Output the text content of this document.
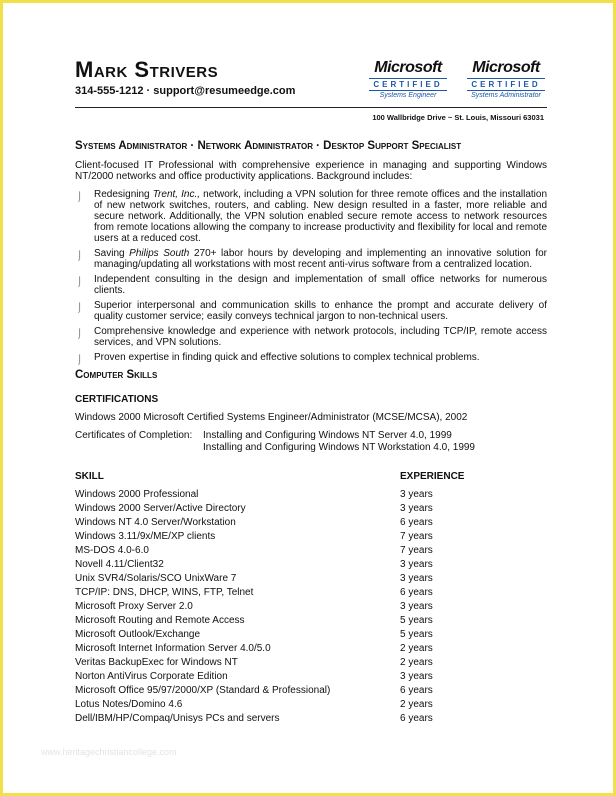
Mark Strivers
314-555-1212 · support@resumeedge.com
Microsoft
CERTIFIED
Systems Engineer
Microsoft
CERTIFIED
Systems Administrator
100 Wallbridge Drive ~ St. Louis, Missouri 63031
Systems Administrator · Network Administrator · Desktop Support Specialist
Client-focused IT Professional with comprehensive experience in managing and supporting Windows NT/2000 networks and office productivity applications. Background includes:
⌡ Redesigning Trent, Inc., network, including a VPN solution for three remote offices and the installation of new network switches, routers, and cabling. New design resulted in a faster, more reliable and secure network. Additionally, the VPN solution enabled secure remote access to network resources from remote locations allowing the company to increase productivity and flexibility for local and remote users at a reduced cost.
⌡ Saving Philips South 270+ labor hours by developing and implementing an innovative solution for managing/updating all workstations with most recent anti-virus software from a centralized location.
⌡ Independent consulting in the design and implementation of small office networks for numerous clients.
⌡ Superior interpersonal and communication skills to enhance the prompt and accurate delivery of quality customer service; easily conveys technical jargon to non-technical users.
⌡ Comprehensive knowledge and experience with network protocols, including TCP/IP, remote access services, and VPN solutions.
⌡ Proven expertise in finding quick and effective solutions to complex technical problems.
Computer Skills
CERTIFICATIONS
Windows 2000 Microsoft Certified Systems Engineer/Administrator (MCSE/MCSA), 2002
Certificates of Completion: Installing and Configuring Windows NT Server 4.0, 1999
Installing and Configuring Windows NT Workstation 4.0, 1999
SKILL	EXPERIENCE
Windows 2000 Professional	3 years
Windows 2000 Server/Active Directory	3 years
Windows NT 4.0 Server/Workstation	6 years
Windows 3.11/9x/ME/XP clients	7 years
MS-DOS 4.0-6.0	7 years
Novell 4.11/Client32	3 years
Unix SVR4/Solaris/SCO UnixWare 7	3 years
TCP/IP: DNS, DHCP, WINS, FTP, Telnet	6 years
Microsoft Proxy Server 2.0	3 years
Microsoft Routing and Remote Access	5 years
Microsoft Outlook/Exchange	5 years
Microsoft Internet Information Server 4.0/5.0	2 years
Veritas BackupExec for Windows NT	2 years
Norton AntiVirus Corporate Edition	3 years
Microsoft Office 95/97/2000/XP (Standard & Professional)	6 years
Lotus Notes/Domino 4.6	2 years
Dell/IBM/HP/Compaq/Unisys PCs and servers	6 years
www.heritagechristiancollege.com
